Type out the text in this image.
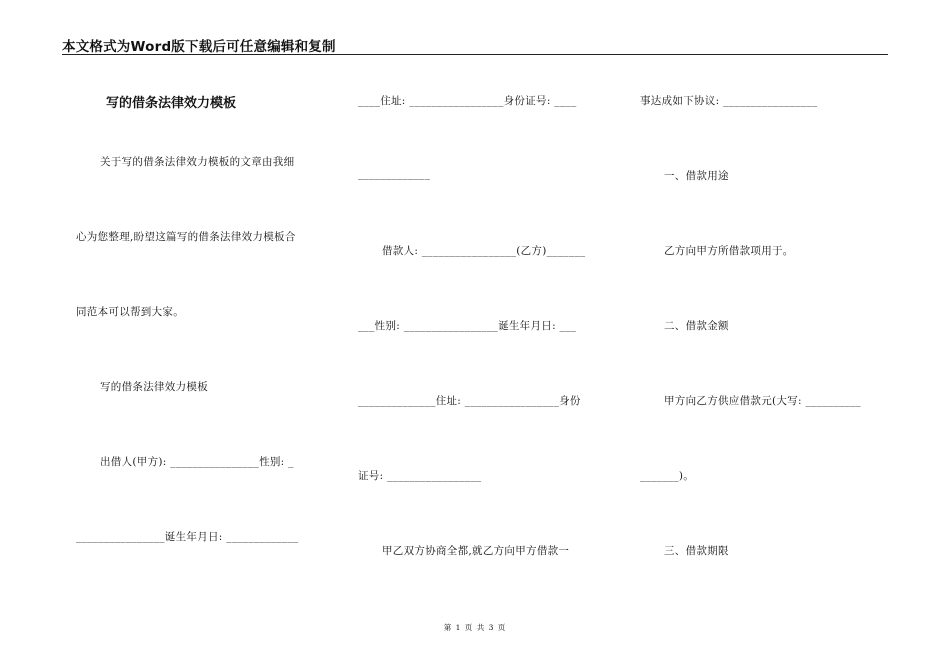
本文格式为Word版下载后可任意编辑和复制
写的借条法律效力模板
关于写的借条法律效力模板的文章由我细
心为您整理,盼望这篇写的借条法律效力模板合
同范本可以帮到大家。
写的借条法律效力模板
出借人(甲方): ________________性别: _
________________诞生年月日: _____________
____住址: _________________身份证号: ____
_____________
借款人: _________________(乙方)_______
___性别: _________________诞生年月日: ___
______________住址: _________________身份
证号: _________________
甲乙双方协商全都,就乙方向甲方借款一
事达成如下协议: _________________
一、借款用途
乙方向甲方所借款项用于。
二、借款金额
甲方向乙方供应借款元(大写: __________
_______)。
三、借款期限
第 1 页 共 3 页
